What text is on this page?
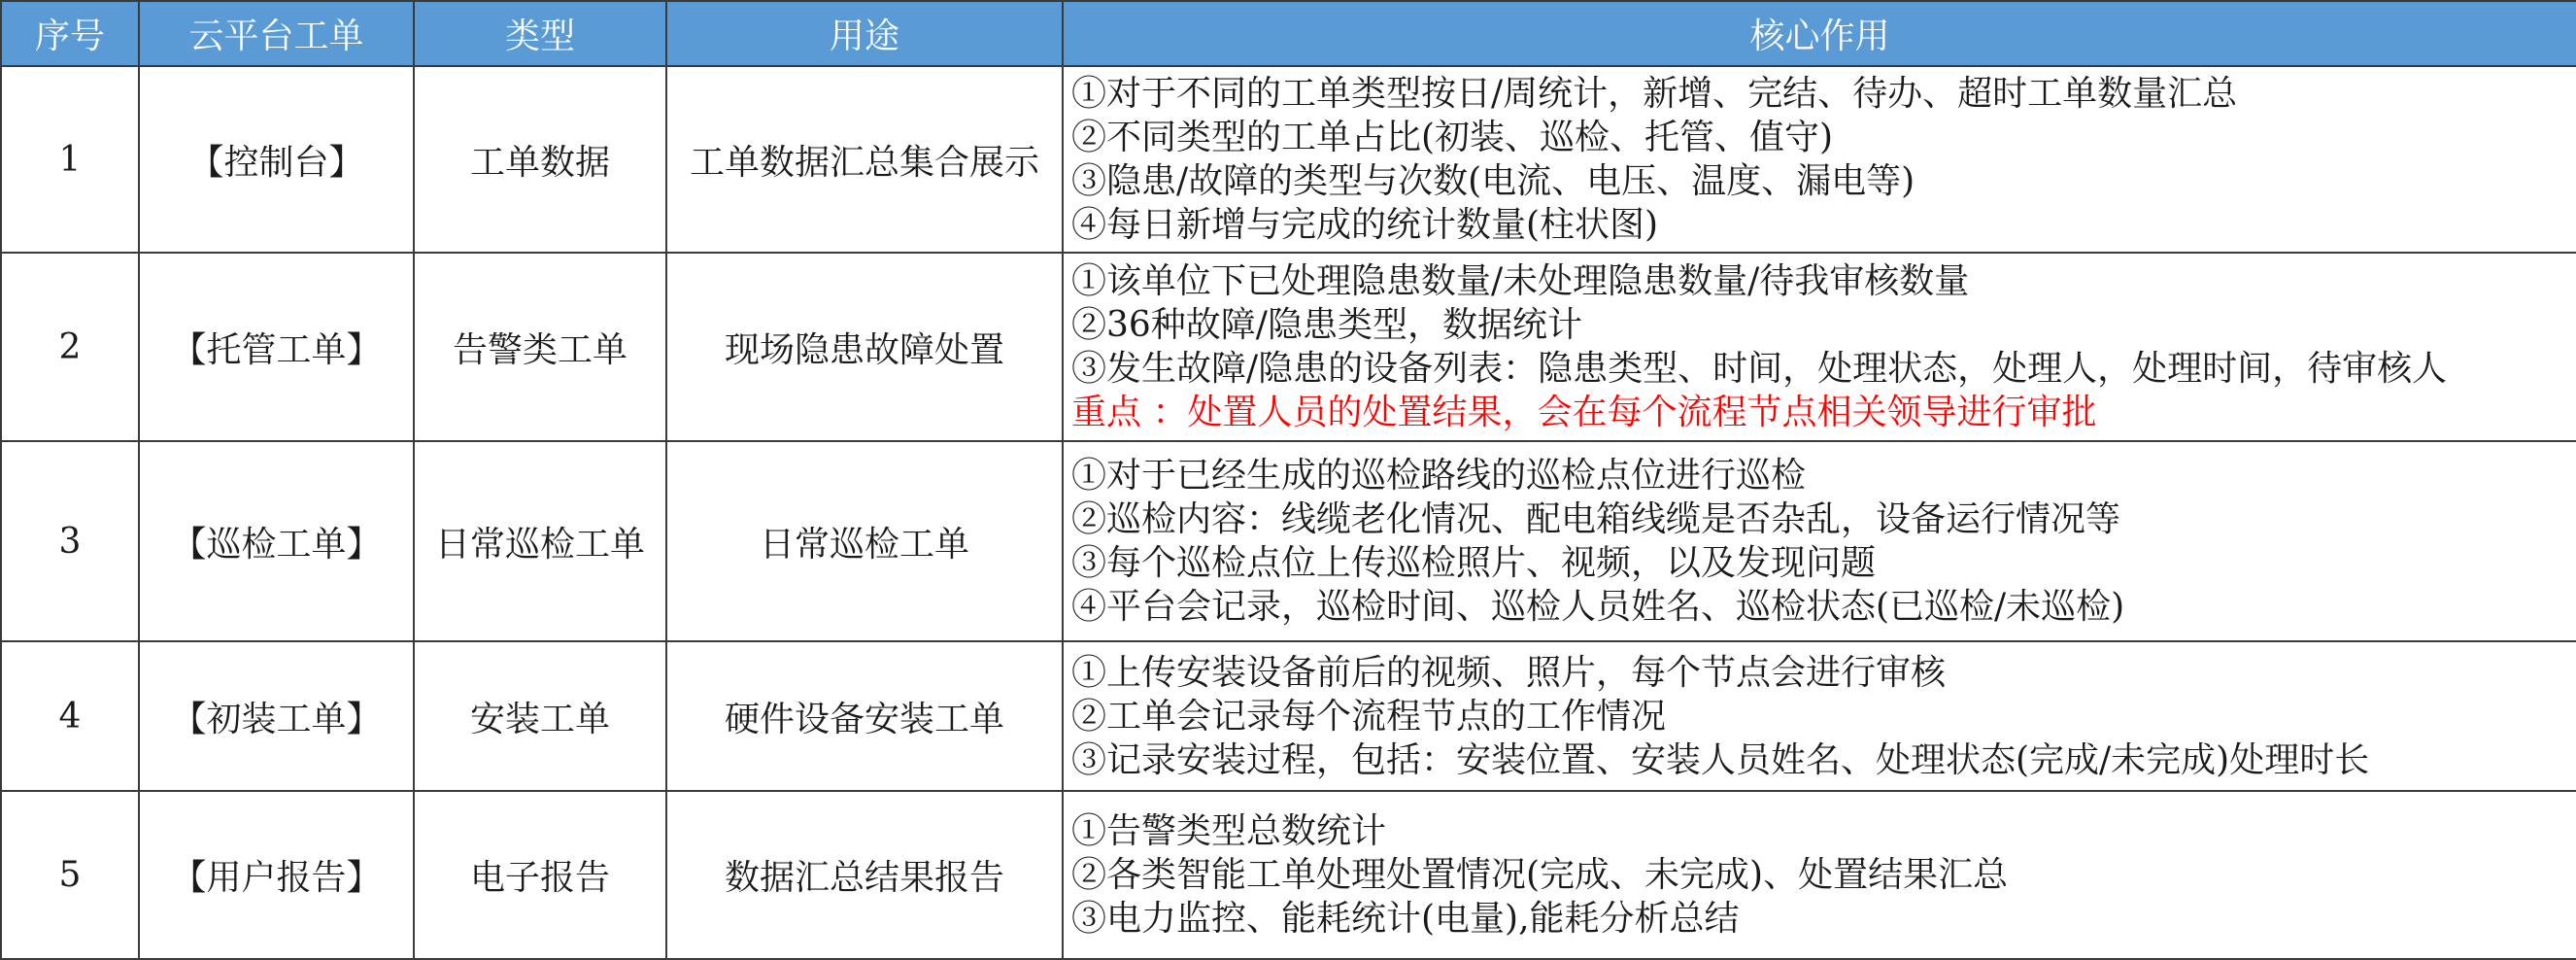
序号	云平台工单	类型	用途	核心作用
1	【控制台】	工单数据	工单数据汇总集合展示	①对于不同的工单类型按日/周统计，新增、完结、待办、超时工单数量汇总
②不同类型的工单占比(初装、巡检、托管、值守)
③隐患/故障的类型与次数(电流、电压、温度、漏电等)
④每日新增与完成的统计数量(柱状图)

2	【托管工单】	告警类工单	现场隐患故障处置	①该单位下已处理隐患数量/未处理隐患数量/待我审核数量
②36种故障/隐患类型，数据统计
③发生故障/隐患的设备列表：隐患类型、时间，处理状态，处理人，处理时间，待审核人
重点 ：处置人员的处置结果，会在每个流程节点相关领导进行审批

3	【巡检工单】	日常巡检工单	日常巡检工单	①对于已经生成的巡检路线的巡检点位进行巡检
②巡检内容：线缆老化情况、配电箱线缆是否杂乱，设备运行情况等
③每个巡检点位上传巡检照片、视频，以及发现问题
④平台会记录，巡检时间、巡检人员姓名、巡检状态(已巡检/未巡检)

4	【初装工单】	安装工单	硬件设备安装工单	①上传安装设备前后的视频、照片，每个节点会进行审核
②工单会记录每个流程节点的工作情况
③记录安装过程，包括：安装位置、安装人员姓名、处理状态(完成/未完成)处理时长

5	【用户报告】	电子报告	数据汇总结果报告	①告警类型总数统计
②各类智能工单处理处置情况(完成、未完成)、处置结果汇总
③电力监控、能耗统计(电量),能耗分析总结
